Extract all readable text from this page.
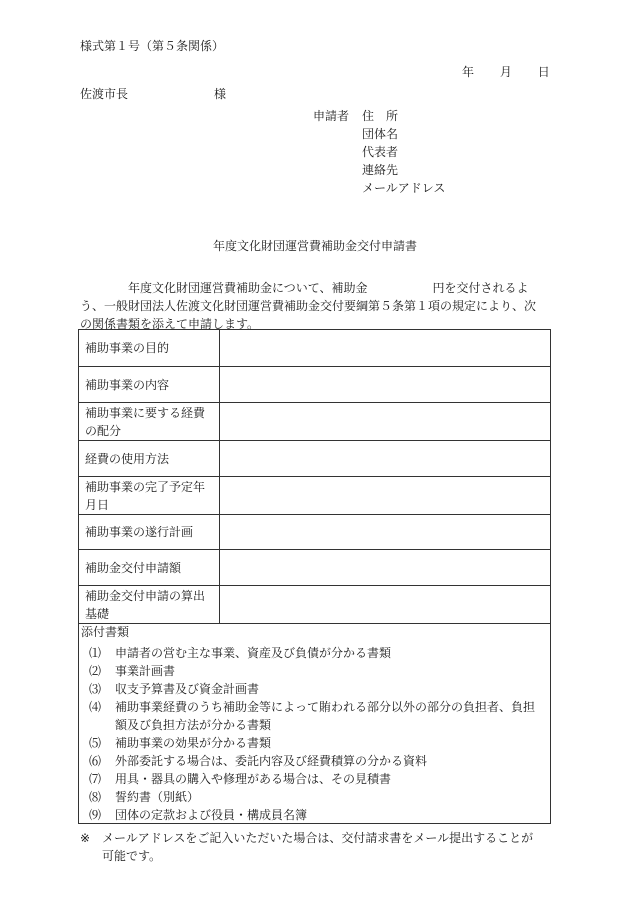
様式第１号（第５条関係）
年 月 日
佐渡市長	様
申請者 住　所
団体名
代表者
連絡先
メールアドレス
年度文化財団運営費補助金交付申請書
年度文化財団運営費補助金について、補助金	円を交付されるよ
う、一般財団法人佐渡文化財団運営費補助金交付要綱第５条第１項の規定により、次
の関係書類を添えて申請します。
補助事業の目的	
補助事業の内容	
補助事業に要する経費の配分	
経費の使用方法	
補助事業の完了予定年月日	
補助事業の遂行計画	
補助金交付申請額	
補助金交付申請の算出基礎	
添付書類
⑴ 申請者の営む主な事業、資産及び負債が分かる書類
⑵ 事業計画書
⑶ 収支予算書及び資金計画書
⑷ 補助事業経費のうち補助金等によって賄われる部分以外の部分の負担者、負担
額及び負担方法が分かる書類
⑸ 補助事業の効果が分かる書類
⑹ 外部委託する場合は、委託内容及び経費積算の分かる資料
⑺ 用具・器具の購入や修理がある場合は、その見積書
⑻ 誓約書（別紙）
⑼ 団体の定款および役員・構成員名簿
※ メールアドレスをご記入いただいた場合は、交付請求書をメール提出することが
可能です。
